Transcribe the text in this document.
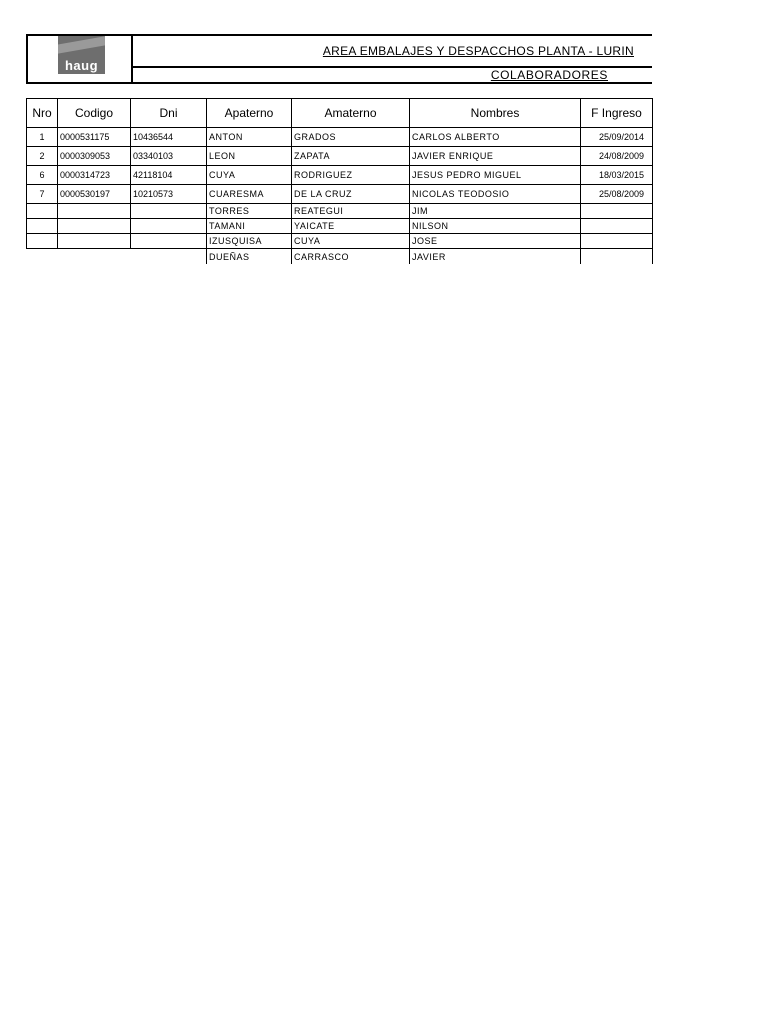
haug
AREA EMBALAJES Y DESPACCHOS PLANTA - LURIN
COLABORADORES
Nro	Codigo	Dni	Apaterno	Amaterno	Nombres	F Ingreso
1	0000531175	10436544	ANTON	GRADOS	CARLOS ALBERTO	25/09/2014
2	0000309053	03340103	LEON	ZAPATA	JAVIER ENRIQUE	24/08/2009
6	0000314723	42118104	CUYA	RODRIGUEZ	JESUS PEDRO MIGUEL	18/03/2015
7	0000530197	10210573	CUARESMA	DE LA CRUZ	NICOLAS TEODOSIO	25/08/2009
			TORRES	REATEGUI	JIM	
			TAMANI	YAICATE	NILSON	
			IZUSQUISA	CUYA	JOSE	
			DUEÑAS	CARRASCO	JAVIER	
